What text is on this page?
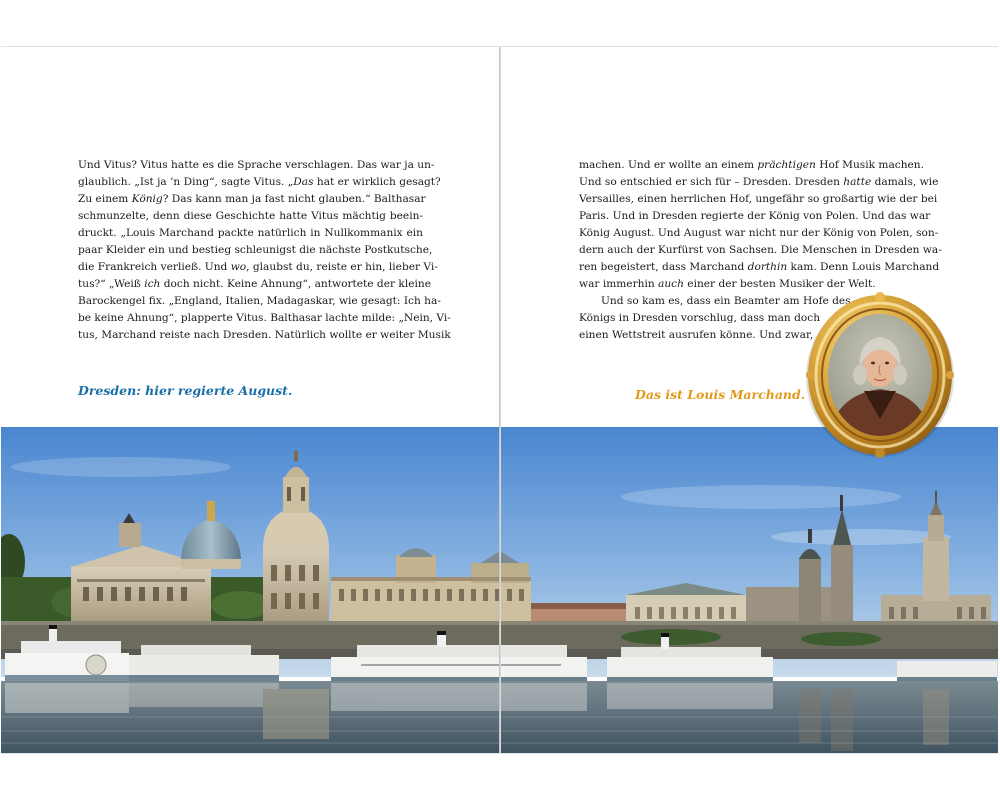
Und Vitus? Vitus hatte es die Sprache verschlagen. Das war ja un-
glaublich. „Ist ja ’n Ding“, sagte Vitus. „Das hat er wirklich gesagt?
Zu einem König? Das kann man ja fast nicht glauben.“ Balthasar
schmunzelte, denn diese Geschichte hatte Vitus mächtig beein-
druckt. „Louis Marchand packte natürlich in Nullkommanix ein
paar Kleider ein und bestieg schleunigst die nächste Postkutsche,
die Frankreich verließ. Und wo, glaubst du, reiste er hin, lieber Vi-
tus?“ „Weiß ich doch nicht. Keine Ahnung“, antwortete der kleine
Barockengel fix. „England, Italien, Madagaskar, wie gesagt: Ich ha-
be keine Ahnung“, plapperte Vitus. Balthasar lachte milde: „Nein, Vi-
tus, Marchand reiste nach Dresden. Natürlich wollte er weiter Musik
Dresden: hier regierte August.
machen. Und er wollte an einem prächtigen Hof Musik machen.
Und so entschied er sich für – Dresden. Dresden hatte damals, wie
Versailles, einen herrlichen Hof, ungefähr so großartig wie der bei
Paris. Und in Dresden regierte der König von Polen. Und das war
König August. Und August war nicht nur der König von Polen, son-
dern auch der Kurfürst von Sachsen. Die Menschen in Dresden wa-
ren begeistert, dass Marchand dorthin kam. Denn Louis Marchand
war immerhin auch einer der besten Musiker der Welt.
Und so kam es, dass ein Beamter am Hofe des
Königs in Dresden vorschlug, dass man doch
einen Wettstreit ausrufen könne. Und zwar,
Das ist Louis Marchand.
